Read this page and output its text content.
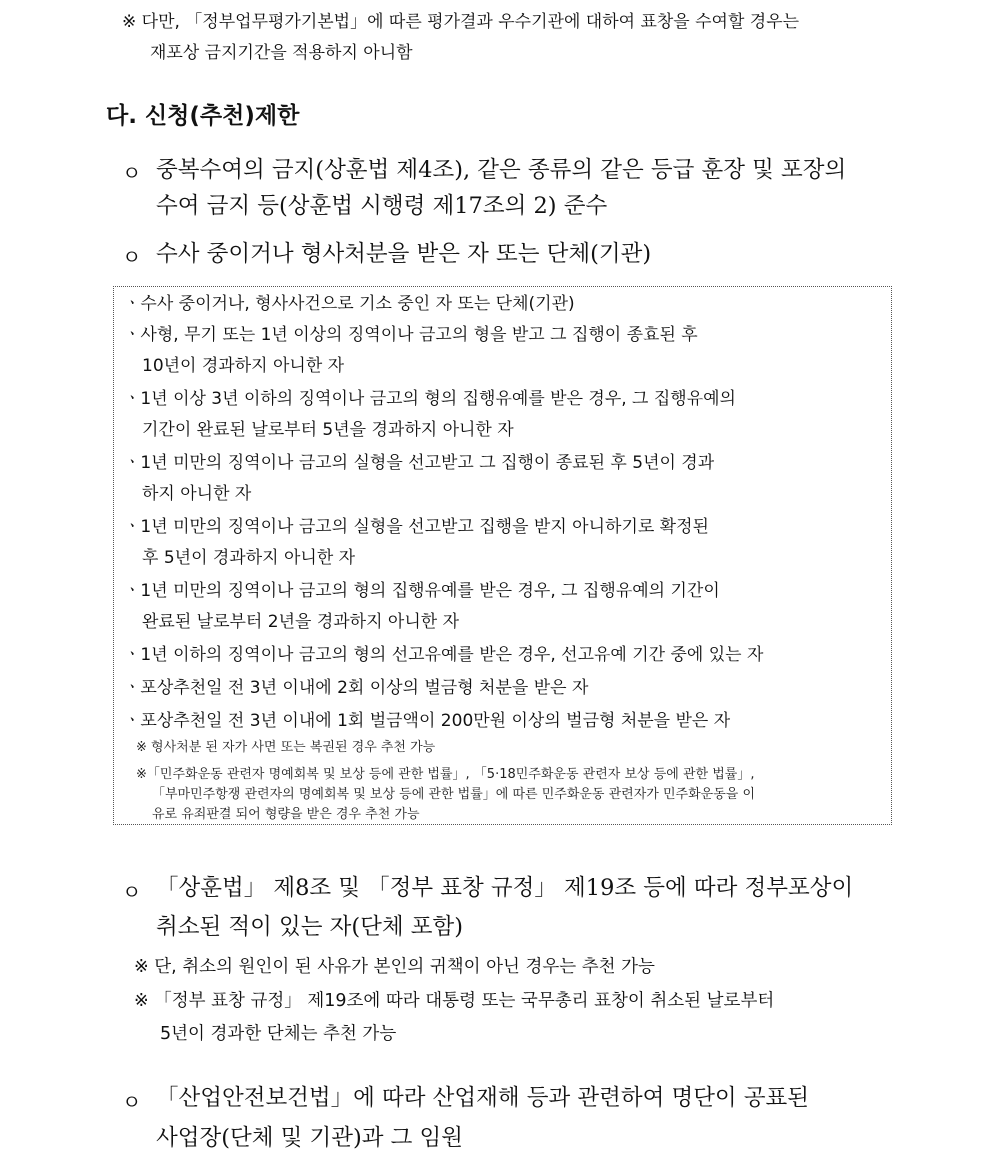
※ 다만, 「정부업무평가기본법」에 따른 평가결과 우수기관에 대하여 표창을 수여할 경우는
재포상 금지기간을 적용하지 아니함
다. 신청(추천)제한
ㅇ 중복수여의 금지(상훈법 제4조), 같은 종류의 같은 등급 훈장 및 포장의
수여 금지 등(상훈법 시행령 제17조의 2) 준수
ㅇ 수사 중이거나 형사처분을 받은 자 또는 단체(기관)
ㆍ수사 중이거나, 형사사건으로 기소 중인 자 또는 단체(기관)
ㆍ사형, 무기 또는 1년 이상의 징역이나 금고의 형을 받고 그 집행이 종효된 후
10년이 경과하지 아니한 자
ㆍ1년 이상 3년 이하의 징역이나 금고의 형의 집행유예를 받은 경우, 그 집행유예의
기간이 완료된 날로부터 5년을 경과하지 아니한 자
ㆍ1년 미만의 징역이나 금고의 실형을 선고받고 그 집행이 종료된 후 5년이 경과
하지 아니한 자
ㆍ1년 미만의 징역이나 금고의 실형을 선고받고 집행을 받지 아니하기로 확정된
후 5년이 경과하지 아니한 자
ㆍ1년 미만의 징역이나 금고의 형의 집행유예를 받은 경우, 그 집행유예의 기간이
완료된 날로부터 2년을 경과하지 아니한 자
ㆍ1년 이하의 징역이나 금고의 형의 선고유예를 받은 경우, 선고유예 기간 중에 있는 자
ㆍ포상추천일 전 3년 이내에 2회 이상의 벌금형 처분을 받은 자
ㆍ포상추천일 전 3년 이내에 1회 벌금액이 200만원 이상의 벌금형 처분을 받은 자
※ 형사처분 된 자가 사면 또는 복권된 경우 추천 가능
※「민주화운동 관련자 명예회복 및 보상 등에 관한 법률」, 「5·18민주화운동 관련자 보상 등에 관한 법률」,
「부마민주항쟁 관련자의 명예회복 및 보상 등에 관한 법률」에 따른 민주화운동 관련자가 민주화운동을 이
유로 유죄판결 되어 형량을 받은 경우 추천 가능
ㅇ 「상훈법」 제8조 및 「정부 표창 규정」 제19조 등에 따라 정부포상이
취소된 적이 있는 자(단체 포함)
※ 단, 취소의 원인이 된 사유가 본인의 귀책이 아닌 경우는 추천 가능
※ 「정부 표창 규정」 제19조에 따라 대통령 또는 국무총리 표창이 취소된 날로부터
5년이 경과한 단체는 추천 가능
ㅇ 「산업안전보건법」에 따라 산업재해 등과 관련하여 명단이 공표된
사업장(단체 및 기관)과 그 임원
